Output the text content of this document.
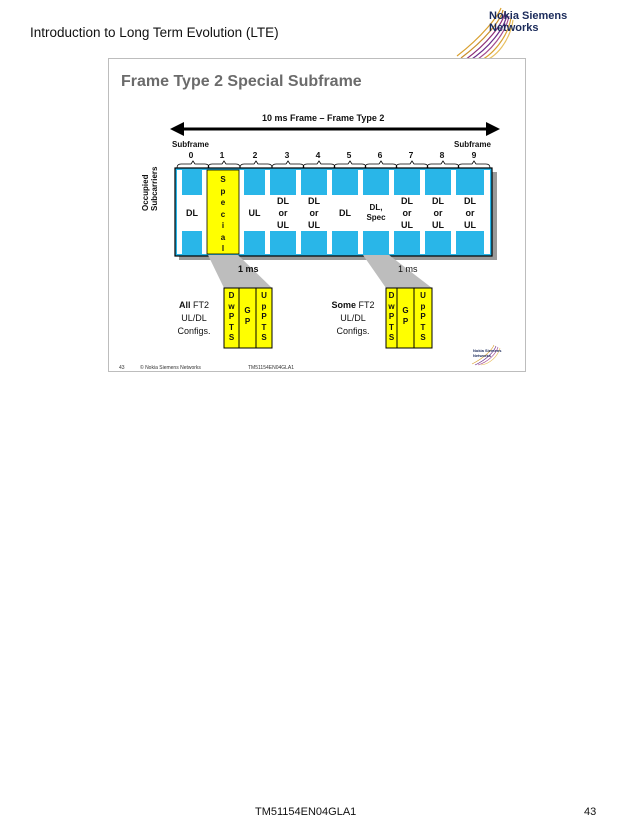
Introduction to Long Term Evolution (LTE)
Nokia Siemens
Networks
Frame Type 2 Special Subframe
10 ms Frame – Frame Type 2
Subframe	Subframe
0	1	2	3	4	5	6	7	8	9
Occupied Subcarriers
DL	UL	DL
DL,
Spec
DL
or
UL
DL
or
UL
DL
or
UL
DL
or
UL
DL
or
UL
S
p
e
c
i
a
l
1 ms	1 ms
D
w
P
T
S
G
P
U
p
P
T
S
D
w
P
T
S
G
P
U
p
P
T
S
All FT2
UL/DL
Configs.
Some FT2
UL/DL
Configs.
43	© Nokia Siemens Networks	TM51154EN04GLA1
Nokia Siemens
Networks
TM51154EN04GLA1	43
